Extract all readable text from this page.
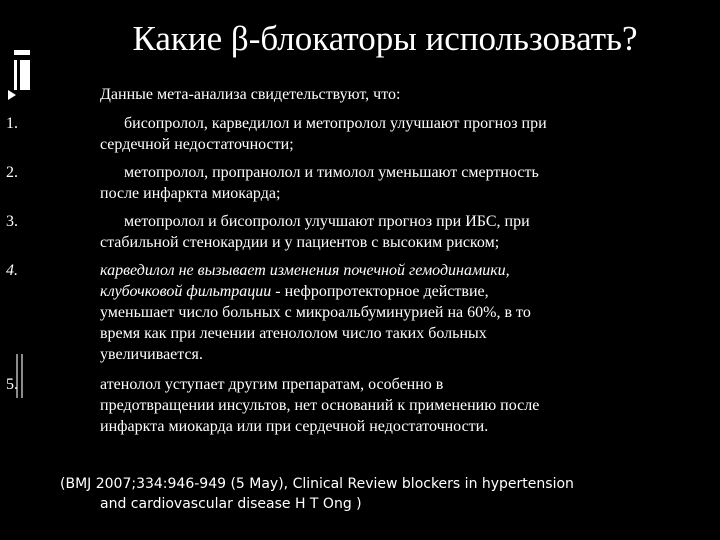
Какие β-блокаторы использовать?
Данные мета-анализа свидетельствуют, что:
1.	бисопролол, карведилол и метопролол улучшают прогноз при
сердечной недостаточности;
2.	метопролол, пропранолол и тимолол уменьшают смертность
после инфаркта миокарда;
3.	метопролол и бисопролол улучшают прогноз при ИБС, при
стабильной стенокардии и у пациентов с высоким риском;
4.	карведилол не вызывает изменения почечной гемодинамики,
клубочковой фильтрации - нефропротекторное действие,
уменьшает число больных с микроальбуминурией на 60%, в то
время как при лечении атенололом число таких больных
увеличивается.
5.	атенолол уступает другим препаратам, особенно в
предотвращении инсультов, нет оснований к применению после
инфаркта миокарда или при сердечной недостаточности.
(BMJ 2007;334:946-949 (5 May), Clinical Review blockers in hypertension
and cardiovascular disease H T Ong )
